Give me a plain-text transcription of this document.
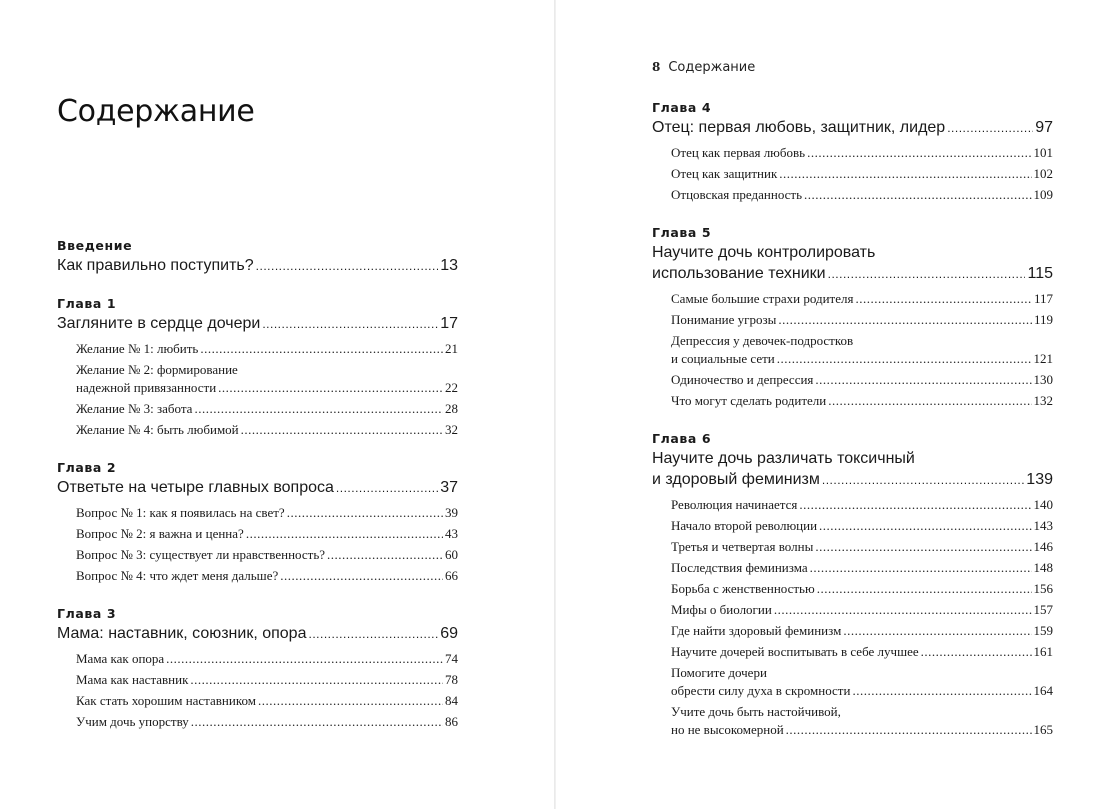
Содержание
Введение
Как правильно поступить? .....	13
Глава 1
Загляните в сердце дочери .....	17
Желание № 1: любить .....	21
Желание № 2: формирование
надежной привязанности .....	22
Желание № 3: забота .....	28
Желание № 4: быть любимой .....	32
Глава 2
Ответьте на четыре главных вопроса .....	37
Вопрос № 1: как я появилась на свет? .....	39
Вопрос № 2: я важна и ценна? .....	43
Вопрос № 3: существует ли нравственность? .....	60
Вопрос № 4: что ждет меня дальше? .....	66
Глава 3
Мама: наставник, союзник, опора .....	69
Мама как опора .....	74
Мама как наставник .....	78
Как стать хорошим наставником .....	84
Учим дочь упорству .....	86
8 Содержание
Глава 4
Отец: первая любовь, защитник, лидер .....	97
Отец как первая любовь .....	101
Отец как защитник .....	102
Отцовская преданность .....	109
Глава 5
Научите дочь контролировать
использование техники .....	115
Самые большие страхи родителя .....	117
Понимание угрозы .....	119
Депрессия у девочек-подростков
и социальные сети .....	121
Одиночество и депрессия .....	130
Что могут сделать родители .....	132
Глава 6
Научите дочь различать токсичный
и здоровый феминизм .....	139
Революция начинается .....	140
Начало второй революции .....	143
Третья и четвертая волны .....	146
Последствия феминизма .....	148
Борьба с женственностью .....	156
Мифы о биологии .....	157
Где найти здоровый феминизм .....	159
Научите дочерей воспитывать в себе лучшее .....	161
Помогите дочери
обрести силу духа в скромности .....	164
Учите дочь быть настойчивой,
но не высокомерной .....	165
